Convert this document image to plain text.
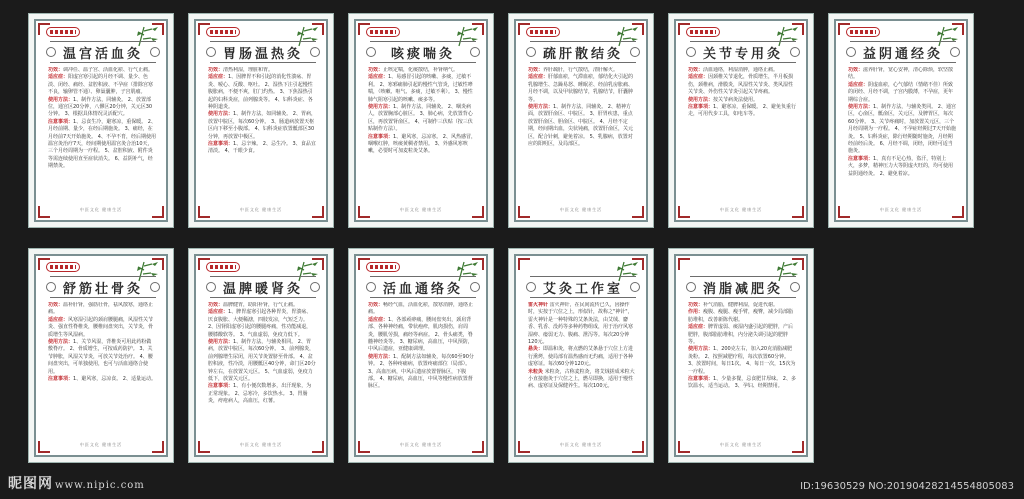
温宫活血灸

功效：调冲任、温子宫、活血化瘀、行气止痛。

适应症：阳虚宫寒引起的月经不调、量少、色淡、闭经、痛经、盆腔积液、不孕症（排除宫寒不良，输卵管不通）、卵巢囊肿，子宫肌瘤。

使用方法：1、制作方法，同辅灸。 2、放置部位，通宫区20分钟，八髎区20分钟，关元区30分钟。 3、根据具体情况灵活配穴。

注意事项：1、忌食生冷，避寒凉，重保暖。 2、月经前期、量少，在经后期施灸。 3、痛经，在月经前7天开始施灸。 4、不孕不育，经后期使用温宫灸治疗7天，经间期使用温宫灸合治10天，三个月经周期为一疗程。 5、盆腔积液、附件炎等需连续使用直至症状消失。 6、益阴补气，经期禁灸。

中医文化 健康生活
胃肠温热灸

功效：清热利湿，理脏和胃。

适应症：1、因脾胃不和引起的消化性溃疡、胃炎、嗳心、反酸、呕吐。 2、湿热下注引起慢性腹胀病，不便不爽，肛门灼热。 3、下焦湿热引起的妇科炎症，前列腺炎等。 4、妇科炎症、各种阴道炎。

使用方法：1、制作方法，如同辅灸。 2、胃病，放置中脘区，每次60分钟。 3、肠道病放置天枢区向下移至小腹部。 4、妇科炎症放置骶部区30分钟，再放置中极区。

注意事项：1、忌辛辣。 2、忌生冷。 3、食品宜清淡。 4、干眼少食。

中医文化 健康生活
咳痰喘灸

功效：止咳定喘，化痰散结，补肾纳气。

适应症：1、易感冒引起的咳嗽、多痰，过敏不利。 2、寒邪痛肺引起的慢性气管炎，过敏性哮喘，（咳嗽、呕气、多痰，过敏不利）。 3、慢性肺气阻寒引起的咳嗽、痰多等。

使用方法：1、制作方法，同辅灸。 2、咽炎病人，放置胸部心脏区。 3、肺心病，先放置背心区，再放置肾俞区。 4、可制作三伏贴（按三伏贴制作方法）。

注意事项：1、避风寒，忌凉寒。 2、风热感冒，咽喉红肿，咳痰黄稠者禁用。 3、外感风寒咳嗽，必要时可加麦粒灸艾条。

中医文化 健康生活
疏肝散结灸

功效：养肝疏肝，行气散结，清肝解火。

适应症：肝郁血瘀，气滞血瘀，郁结化火引起的乳腺增生、急躁易怒、睡眠差、经前乳房胀痛、月经不调，以及甲状腺结节，乳腺结节，肝囊肿等。

使用方法：1、制作方法，同辅灸。 2、精神方面，放置肝俞区、中脘区。 3、肝胃疾患，重点放置肝俞区、胆俞区、中脘区。 4、月经不定期，经间期出血，尖状钝痛，放置肝俞区，关元区，配合针刺，避免着凉。 5、乳腺病，放置对应的阳明区，及局部区。

中医文化 健康生活
关节专用灸

功效：活血通络，利湿消肿，通络止痛。

适应症：因颈椎关节退化，骨质增生，半月板损伤，颈椎病，滑膜炎，风湿性关节炎、类风湿性关节炎、外伤性关节炎引起关节疼痛。

使用方法：按关节病灸法使用。

注意事项：1、避寒凉，重保暖。 2、避免负重行走，可用代步工具，如电车等。

中医文化 健康生活
益阴通经灸

功效：滋养肝肾，宽心安神，清心除烦，软坚散结。

适应症：阴虚血瘀，心气郁结（情绪不佳）所致的闭经、月经不调，子宫内膜薄，不孕症，更年期综合症。

使用方法：1、制作方法，与辅灸类同。 2、通宫区，心俞区，骶俞区，关元区，及脾胃区，每次60分钟。 3、关节疼痛时，加放置关元区，三个月经周期为一疗程。 4、不孕症经期过7天开始施灸。 5、妇科炎症，除行经期随时施灸，月经期经前经后灸。 6、月经不调，闭经，闭经可适当施灸。

注意事项：1、真有不足心热，盗汗，特别上火，多梦，精神压力大等阴虚火旺的，均可使用益阴通经灸。 2、避免着凉。

中医文化 健康生活
舒筋壮骨灸

功效：温补肝肾，强筋壮骨，祛风散寒，通络止痛。

适应症：风寒湿引起的颈肩腰腿痛，风湿性关节炎、强直性脊椎炎，腰椎间盘突出，关节炎，骨质增生等风湿病。

使用方法：1、关节风湿，背椎炎可用此药粉做敷脊疗。 2、骨质增生，可按成药防护。 3、关节肿胀，风湿关节炎，可放关节处治疗。 4、腰间盘突出，可单独使用，也可与活血通络合使用。

注意事项：1、避风寒，忌凉食。 2、适量运动。

中医文化 健康生活
温脾暖肾灸

功效：温脾健胃，助阳补肾，行气止痛。

适应症：1、脾胃虚寒引起各种胃炎，胃溃疡、厌食腹胀、大便稀溏，四肢发凉，气短乏力。 2、因肾阳虚寒引起的腰腿疼痛，性功能减退，腰膝酸软等。 3、气血虚弱，免疫力低下。

使用方法：1、制作方法，与辅灸相同。 2、胃病，放置中脘区，每次60分钟。 3、前列腺炎，前列腺增生尿闭，用关节灸置脐至骨部。 4、盆腔积液，性冷淡，用腰骶区40分钟，命门区20分钟左右，在放置关元区。 5、气血虚弱，免疫力低下，放置关元区。

注意事项：1、有小便次数增多，出汗现象，为正常现象。 2、忌寒冷，多饮热水。 3、胃肠炎，痔疮病人，高血压，红薯。

中医文化 健康生活
活血通络灸

功效：畅经气血，活血化瘀，散寒消肿，通络止痛。

适应症：1、各部顽痹痛，腰间盘突出，颈肩背部、各种神经痛，带状疱疹，肌肉损伤，肩周炎，腰肌劳损，痛经等病症。 2、骨头痛类，脊髓神经炎等。 3、糖尿病，高血压，中风预防，中风后遗症，亚健康调理。

使用方法：1、配制方法如辅灸，每次60至90分钟。 2、各种疼痛病，放置疼痛部位（局部）。 3、高血压病，中风后遗症放置督脉区，下腹部。 4、糖尿病，高血压，中风等慢性病放置督脉区。

中医文化 健康生活
艾灸工作室

雷火神针 雷火神针，在民间流传已久，因操作时，实按于穴位之上，形似针，故称之"神针"，雷火神针是一种特殊的艾条灸法，由艾绒、麝香、乳香、没药等多种药物组成，用于治疗风寒湿痹、痿弱无力、腹痛、泄泻等。每次20分钟120元。

悬灸：即温和灸，将点燃的艾条悬于穴位上方进行熏烤，使局部有温热感而无灼痛，适用于各种虚寒证。每次60分钟120元。

米粒灸 米粒灸，古称麦粒灸，将艾绒搓成米粒大小直接施灸于穴位之上，燃尽即换，适用于慢性病、虚寒证及保健养生。每次100元。

中医文化 健康生活
消脂减肥灸

功效：补气消脂，健脾利湿，促进代谢。

作用：瘦腹、瘦腿、瘦手臂，瘦臀，减少局部脂肪堆积，改善新陈代谢。

适应症：脾胃虚弱、痰湿内盛引起的肥胖，产后肥胖，腹部脂肪堆积，内分泌失调引起的肥胖等。

使用方法：1、200克左右，加入20克消脂减肥灸粉。 2、按照减肥疗程，每次放置60分钟。 3、放置时间，每日1次。 4、每日一次，15次为一疗程。

注意事项：1、少量多餐，忌食肥甘厚味。 2、多饮温水，适当运动。 3、孕妇、经期禁用。

中医文化 健康生活
昵图网 www.nipic.com	ID:19630529 NO:20190428214554805083
